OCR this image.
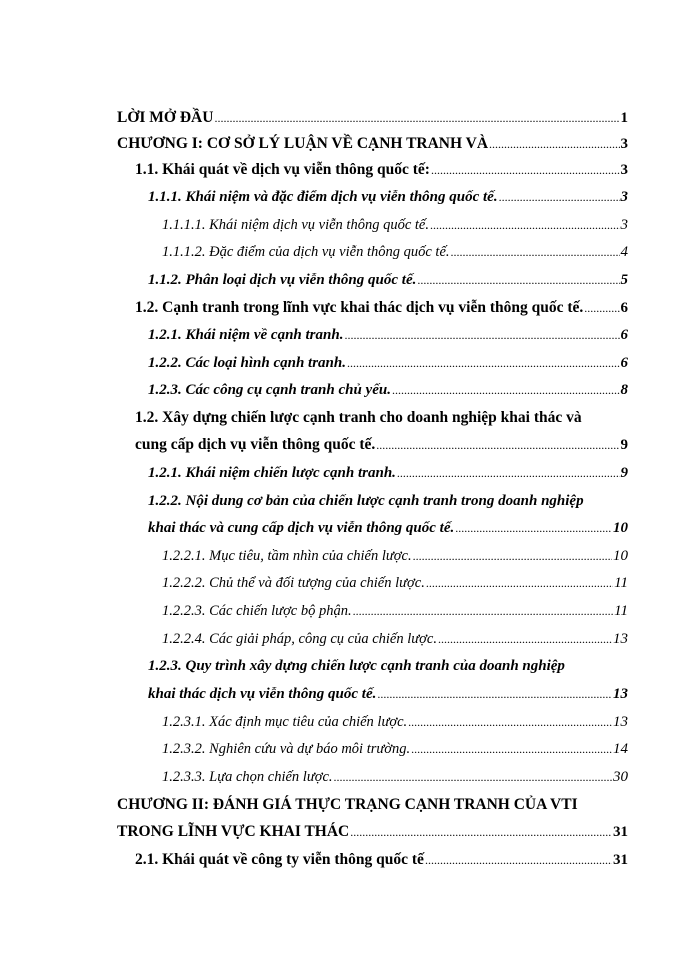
LỜI MỞ ĐẦU .....	1
CHƯƠNG I: CƠ SỞ LÝ LUẬN VỀ CẠNH TRANH VÀ .....	3
1.1. Khái quát về dịch vụ viễn thông quốc tế: .....	3
1.1.1. Khái niệm và đặc điểm dịch vụ viễn thông quốc tế. .....	3
1.1.1.1. Khái niệm dịch vụ viễn thông quốc tế. .....	3
1.1.1.2. Đặc điểm của dịch vụ viễn thông quốc tế. .....	4
1.1.2. Phân loại dịch vụ viễn thông quốc tế. .....	5
1.2. Cạnh tranh trong lĩnh vực khai thác dịch vụ viễn thông quốc tế. ..... 6
1.2.1. Khái niệm về cạnh tranh. .....	6
1.2.2. Các loại hình cạnh tranh. .....	6
1.2.3. Các công cụ cạnh tranh chủ yếu. .....	8
1.2. Xây dựng chiến lược cạnh tranh cho doanh nghiệp khai thác và
cung cấp dịch vụ viễn thông quốc tế. .....	9
1.2.1. Khái niệm chiến lược cạnh tranh. .....	9
1.2.2. Nội dung cơ bản của chiến lược cạnh tranh trong doanh nghiệp
khai thác và cung cấp dịch vụ viễn thông quốc tế. .....	10
1.2.2.1. Mục tiêu, tầm nhìn của chiến lược. .....	10
1.2.2.2. Chủ thể và đối tượng của chiến lược. .....	11
1.2.2.3. Các chiến lược bộ phận. .....	11
1.2.2.4. Các giải pháp, công cụ của chiến lược. .....	13
1.2.3. Quy trình xây dựng chiến lược cạnh tranh của doanh nghiệp
khai thác dịch vụ viễn thông quốc tế. .....	13
1.2.3.1. Xác định mục tiêu của chiến lược. .....	13
1.2.3.2. Nghiên cứu và dự báo môi trường. .....	14
1.2.3.3. Lựa chọn chiến lược. .....	30
CHƯƠNG II: ĐÁNH GIÁ THỰC TRẠNG CẠNH TRANH CỦA VTI
TRONG LĨNH VỰC KHAI THÁC .....	31
2.1. Khái quát về công ty viễn thông quốc tế .....	31
